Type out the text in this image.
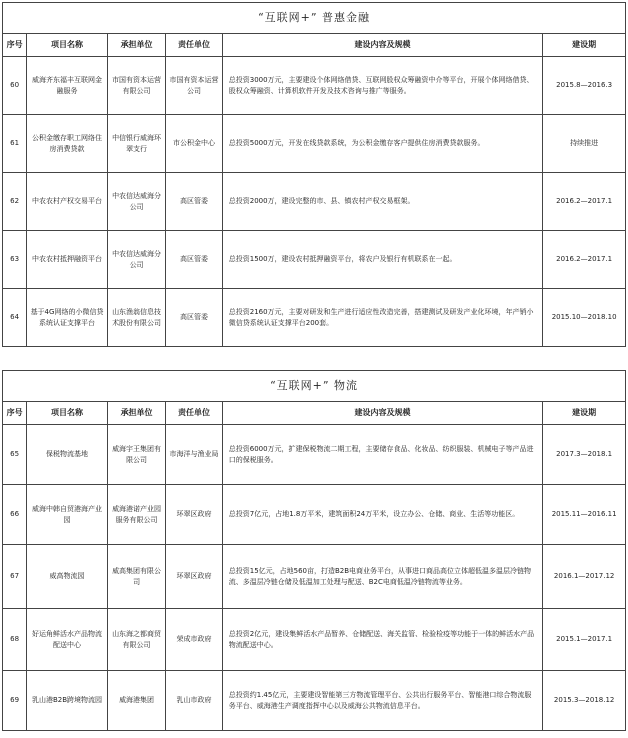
“互联网+” 普惠金融					
序号	项目名称	承担单位	责任单位	建设内容及规模	建设期
60	威海齐东福丰互联网金融服务	市国有资本运营有限公司	市国有资本运营公司	总投资3000万元，主要建设个体网络借贷、互联网股权众筹融资中介等平台，开展个体网络借贷、股权众筹融资、计算机软件开发及技术咨询与推广等服务。	2015.8—2016.3
61	公积金缴存职工网络住房消费贷款	中信银行威海环翠支行	市公积金中心	总投资5000万元，开发在线贷款系统，为公积金缴存客户提供住房消费贷款服务。	持续推进
62	中农农村产权交易平台	中农信达威海分公司	高区管委	总投资2000万，建设完整的市、县、镇农村产权交易框架。	2016.2—2017.1
63	中农农村抵押融资平台	中农信达威海分公司	高区管委	总投资1500万，建设农村抵押融资平台，将农户及银行有机联系在一起。	2016.2—2017.1
64	基于4G网络的小微信贷系统认证支撑平台	山东渔翁信息技术股份有限公司	高区管委	总投资2160万元，主要对研发和生产进行适应性改造完善，搭建测试及研发产业化环境，年产销小微信贷系统认证支撑平台200套。	2015.10—2018.10
“互联网+” 物流					
序号	项目名称	承担单位	责任单位	建设内容及规模	建设期
65	保税物流基地	威海宇王集团有限公司	市海洋与渔业局	总投资6000万元，扩建保税物流二期工程，主要储存食品、化妆品、纺织服装、机械电子等产品进口的保税服务。	2017.3—2018.1
66	威海中韩自贸港海产业园	威海港诺产业园服务有限公司	环翠区政府	总投资7亿元，占地1.8万平米，建筑面积24万平米，设立办公、仓储、商业、生活等功能区。	2015.11—2016.11
67	威高物流园	威高集团有限公司	环翠区政府	总投资15亿元，占地560亩，打造B2B电商业务平台，从事进口商品高位立体超低温多温层冷链物流、多温层冷链仓储及低温加工处理与配送、B2C电商低温冷链物流等业务。	2016.1—2017.12
68	好运角鲜活水产品物流配送中心	山东海之都商贸有限公司	荣成市政府	总投资2亿元，建设集鲜活水产品暂养、仓储配送、海关监管、检验检疫等功能于一体的鲜活水产品物流配送中心。	2015.1—2017.1
69	乳山港B2B跨境物流园	威海港集团	乳山市政府	总投资约1.45亿元，主要建设智能第三方物流管理平台、公共出行服务平台、智能港口综合物流服务平台、威海港生产调度指挥中心以及威海公共物流信息平台。	2015.3—2018.12
